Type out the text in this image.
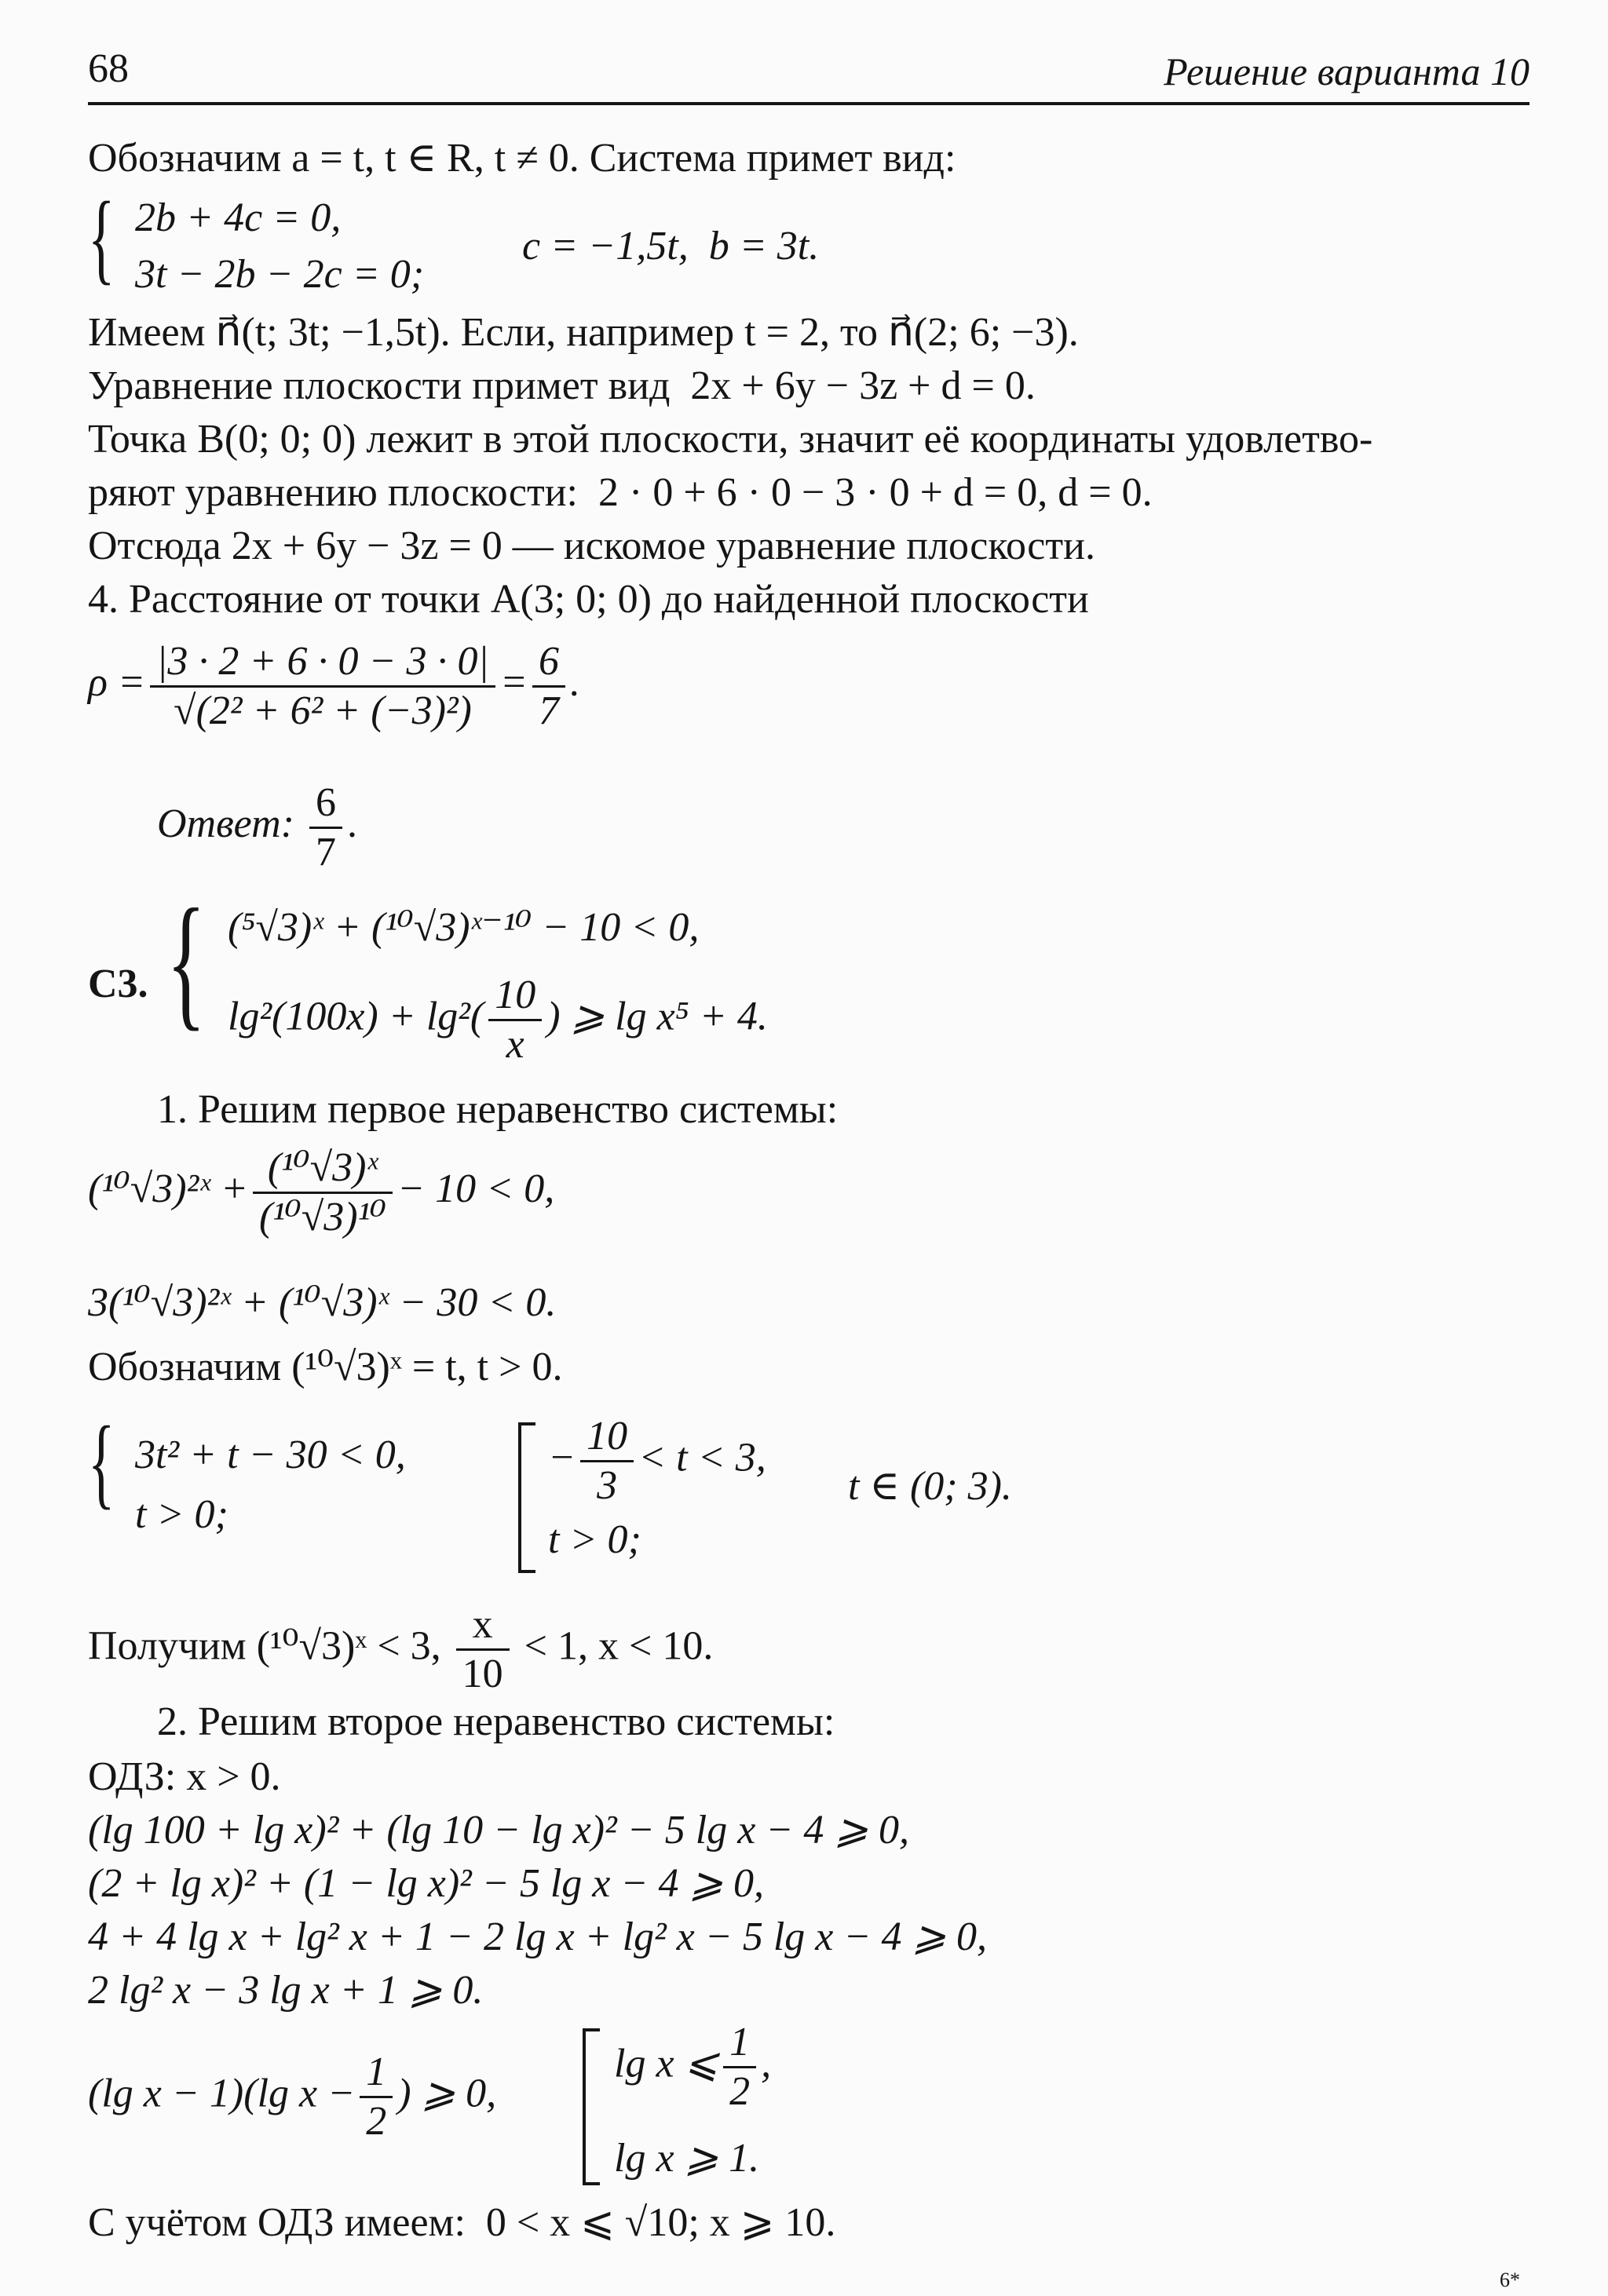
68	Решение варианта 10
Обозначим a = t, t ∈ R, t ≠ 0. Система примет вид:
{ 2b + 4c = 0,
3t − 2b − 2c = 0;
c = −1,5t,  b = 3t.
Имеем n⃗(t; 3t; −1,5t). Если, например t = 2, то n⃗(2; 6; −3).
Уравнение плоскости примет вид  2x + 6y − 3z + d = 0.
Точка B(0; 0; 0) лежит в этой плоскости, значит её координаты удовлетво-
ряют уравнению плоскости:  2 · 0 + 6 · 0 − 3 · 0 + d = 0, d = 0.
Отсюда 2x + 6y − 3z = 0 — искомое уравнение плоскости.
4. Расстояние от точки A(3; 0; 0) до найденной плоскости
$\rho = \frac{|3 \cdot 2 + 6 \cdot 0 - 3 \cdot 0|}{\text{√(2² + 6² + (−3)²)}} = \frac{6}{7}$ .
Ответ: $\frac{6}{7}$ .
С3. { (⁵√3)ˣ + (¹⁰√3)ˣ⁻¹⁰ − 10 < 0,
$\lg^2(100x) + \lg^2( \frac{10}{x}$ ) ⩾ lg x⁵ + 4.
1. Решим первое неравенство системы:
(¹⁰√3)²ˣ + $\frac{\text{(¹⁰√3)ˣ}}{\text{(¹⁰√3)¹⁰}} - 10 < 0$,
3(¹⁰√3)²ˣ + (¹⁰√3)ˣ − 30 < 0.
Обозначим (¹⁰√3)ˣ = t, t > 0.
{ 3t² + t − 30 < 0,
t > 0;
− $\frac{10}{3} < t < 3$,
t > 0;
t ∈ (0; 3).
Получим (¹⁰√3)ˣ < 3, $\frac{x}{10} < 1$, x < 10.
2. Решим второе неравенство системы:
ОДЗ: x > 0.
(lg 100 + lg x)² + (lg 10 − lg x)² − 5 lg x − 4 ⩾ 0,
(2 + lg x)² + (1 − lg x)² − 5 lg x − 4 ⩾ 0,
4 + 4 lg x + lg² x + 1 − 2 lg x + lg² x − 5 lg x − 4 ⩾ 0,
2 lg² x − 3 lg x + 1 ⩾ 0.
(lg x − 1)(lg $x - \frac{1}{2}$ ) ⩾ 0,
lg x ⩽ $\frac{1}{2}$ ,
lg x ⩾ 1.
С учётом ОДЗ имеем:  0 < x ⩽ √10; x ⩾ 10.
6*
